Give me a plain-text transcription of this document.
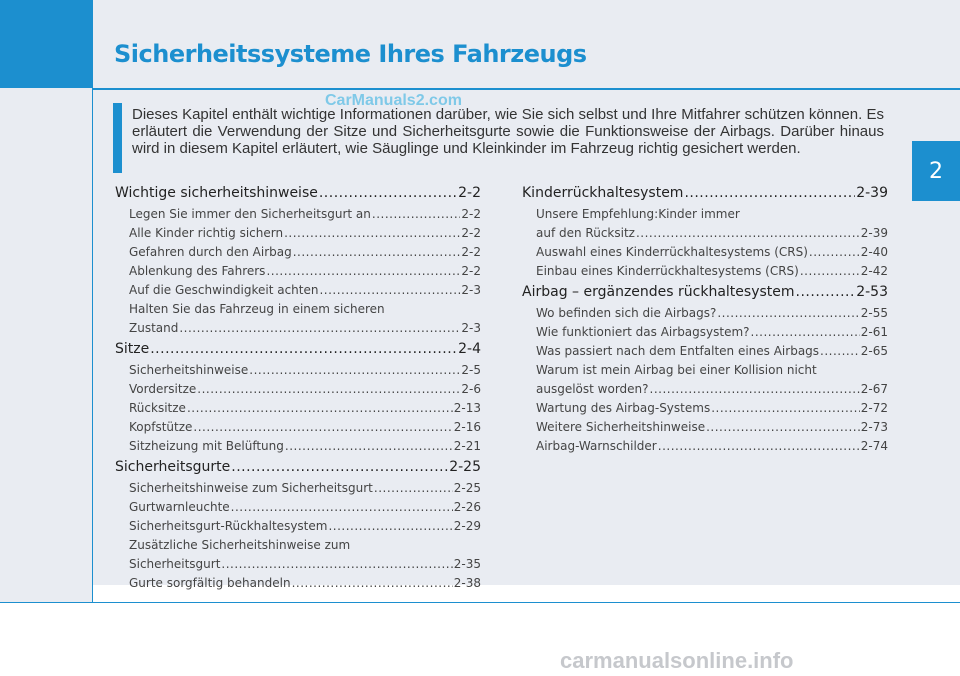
Sicherheitssysteme Ihres Fahrzeugs
CarManuals2.com
Dieses Kapitel enthält wichtige Informationen darüber, wie Sie sich selbst und Ihre Mitfahrer schützen können. Es erläutert die Verwendung der Sitze und Sicherheitsgurte sowie die Funktionsweise der Airbags. Darüber hinaus wird in diesem Kapitel erläutert, wie Säuglinge und Kleinkinder im Fahrzeug richtig gesichert werden.
2
Wichtige sicherheitshinweise .....	2-2
Legen Sie immer den Sicherheitsgurt an .....	2-2
Alle Kinder richtig sichern .....	2-2
Gefahren durch den Airbag .....	2-2
Ablenkung des Fahrers .....	2-2
Auf die Geschwindigkeit achten .....	2-3
Halten Sie das Fahrzeug in einem sicheren
Zustand .....	2-3
Sitze .....	2-4
Sicherheitshinweise .....	2-5
Vordersitze .....	2-6
Rücksitze .....	2-13
Kopfstütze .....	2-16
Sitzheizung mit Belüftung .....	2-21
Sicherheitsgurte .....	2-25
Sicherheitshinweise zum Sicherheitsgurt .....	2-25
Gurtwarnleuchte .....	2-26
Sicherheitsgurt-Rückhaltesystem .....	2-29
Zusätzliche Sicherheitshinweise zum
Sicherheitsgurt .....	2-35
Gurte sorgfältig behandeln .....	2-38
Kinderrückhaltesystem .....	2-39
Unsere Empfehlung:Kinder immer
auf den Rücksitz .....	2-39
Auswahl eines Kinderrückhaltesystems (CRS) .....	2-40
Einbau eines Kinderrückhaltesystems (CRS) .....	2-42
Airbag – ergänzendes rückhaltesystem .....	2-53
Wo befinden sich die Airbags? .....	2-55
Wie funktioniert das Airbagsystem? .....	2-61
Was passiert nach dem Entfalten eines Airbags .....	2-65
Warum ist mein Airbag bei einer Kollision nicht
ausgelöst worden? .....	2-67
Wartung des Airbag-Systems .....	2-72
Weitere Sicherheitshinweise .....	2-73
Airbag-Warnschilder .....	2-74
carmanualsonline.info
